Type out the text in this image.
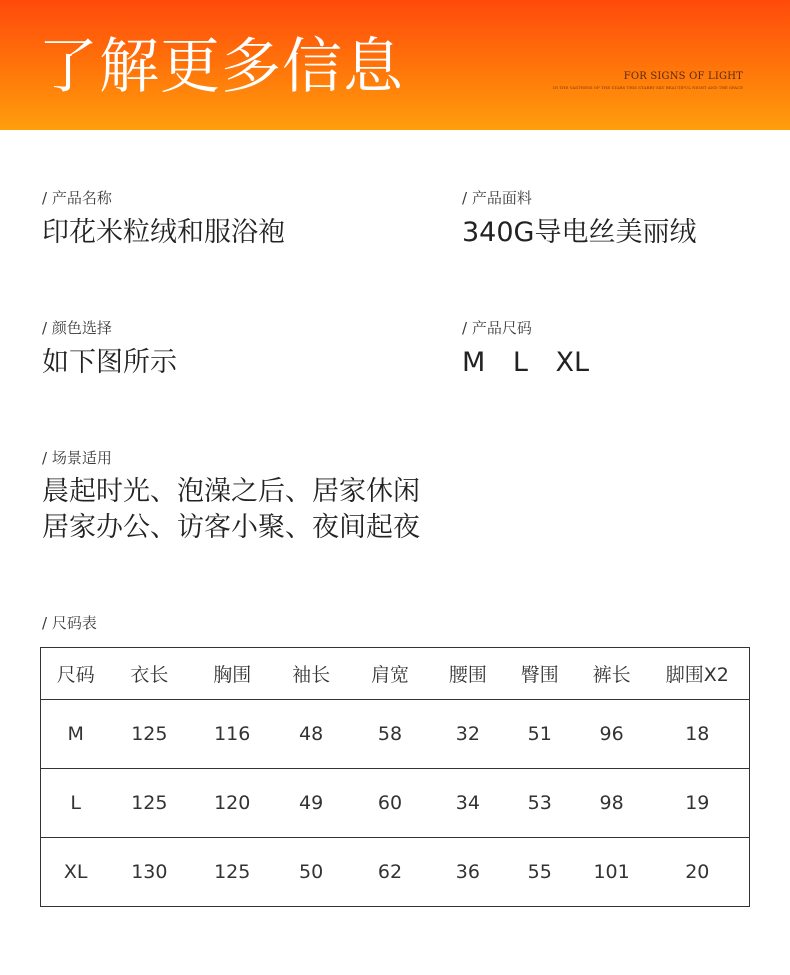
了解更多信息	FOR SIGNS OF LIGHT
IN THE VASTNESS OF THE STARS THIS STARRY SKY BEAUTIFUL NIGHT AND THE SPACE
/ 产品名称
印花米粒绒和服浴袍
/ 产品面料
340G导电丝美丽绒
/ 颜色选择
如下图所示
/ 产品尺码
M L XL
/ 场景适用
晨起时光、泡澡之后、居家休闲
居家办公、访客小聚、夜间起夜
/ 尺码表
尺码	衣长	胸围	袖长	肩宽	腰围	臀围	裤长	脚围X2
M	125	116	48	58	32	51	96	18
L	125	120	49	60	34	53	98	19
XL	130	125	50	62	36	55	101	20
